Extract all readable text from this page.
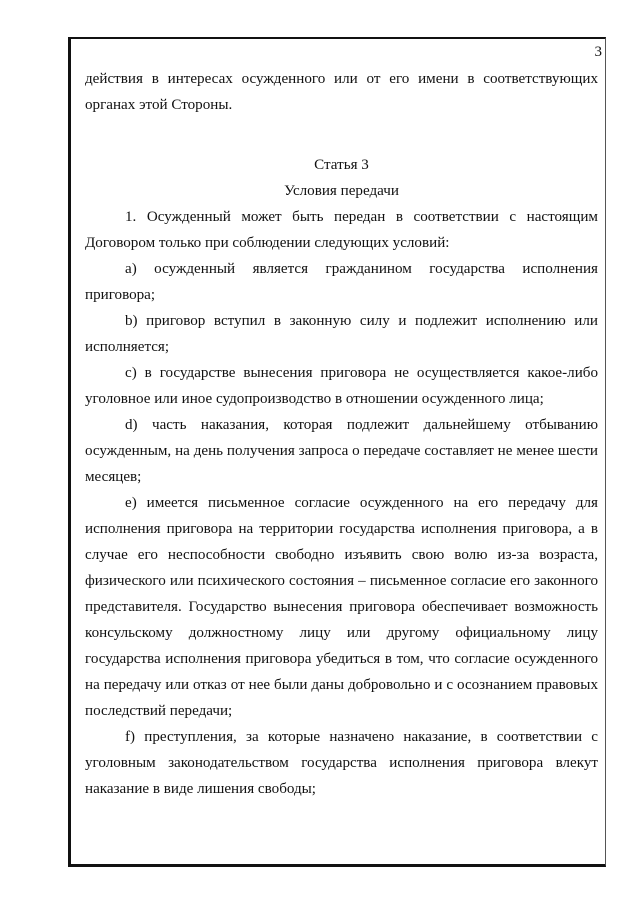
3

действия в интересах осужденного или от его имени в соответствующих органах этой Стороны.

Статья 3

Условия передачи

1. Осужденный может быть передан в соответствии с настоящим Договором только при соблюдении следующих условий:

а) осужденный является гражданином государства исполнения приговора;

b) приговор вступил в законную силу и подлежит исполнению или исполняется;

c) в государстве вынесения приговора не осуществляется какое-либо уголовное или иное судопроизводство в отношении осужденного лица;

d) часть наказания, которая подлежит дальнейшему отбыванию осужденным, на день получения запроса о передаче составляет не менее шести месяцев;

е) имеется письменное согласие осужденного на его передачу для исполнения приговора на территории государства исполнения приговора, а в случае его неспособности свободно изъявить свою волю из-за возраста, физического или психического состояния – письменное согласие его законного представителя. Государство вынесения приговора обеспечивает возможность консульскому должностному лицу или другому официальному лицу государства исполнения приговора убедиться в том, что согласие осужденного на передачу или отказ от нее были даны добровольно и с осознанием правовых последствий передачи;

f) преступления, за которые назначено наказание, в соответствии с уголовным законодательством государства исполнения приговора влекут наказание в виде лишения свободы;
